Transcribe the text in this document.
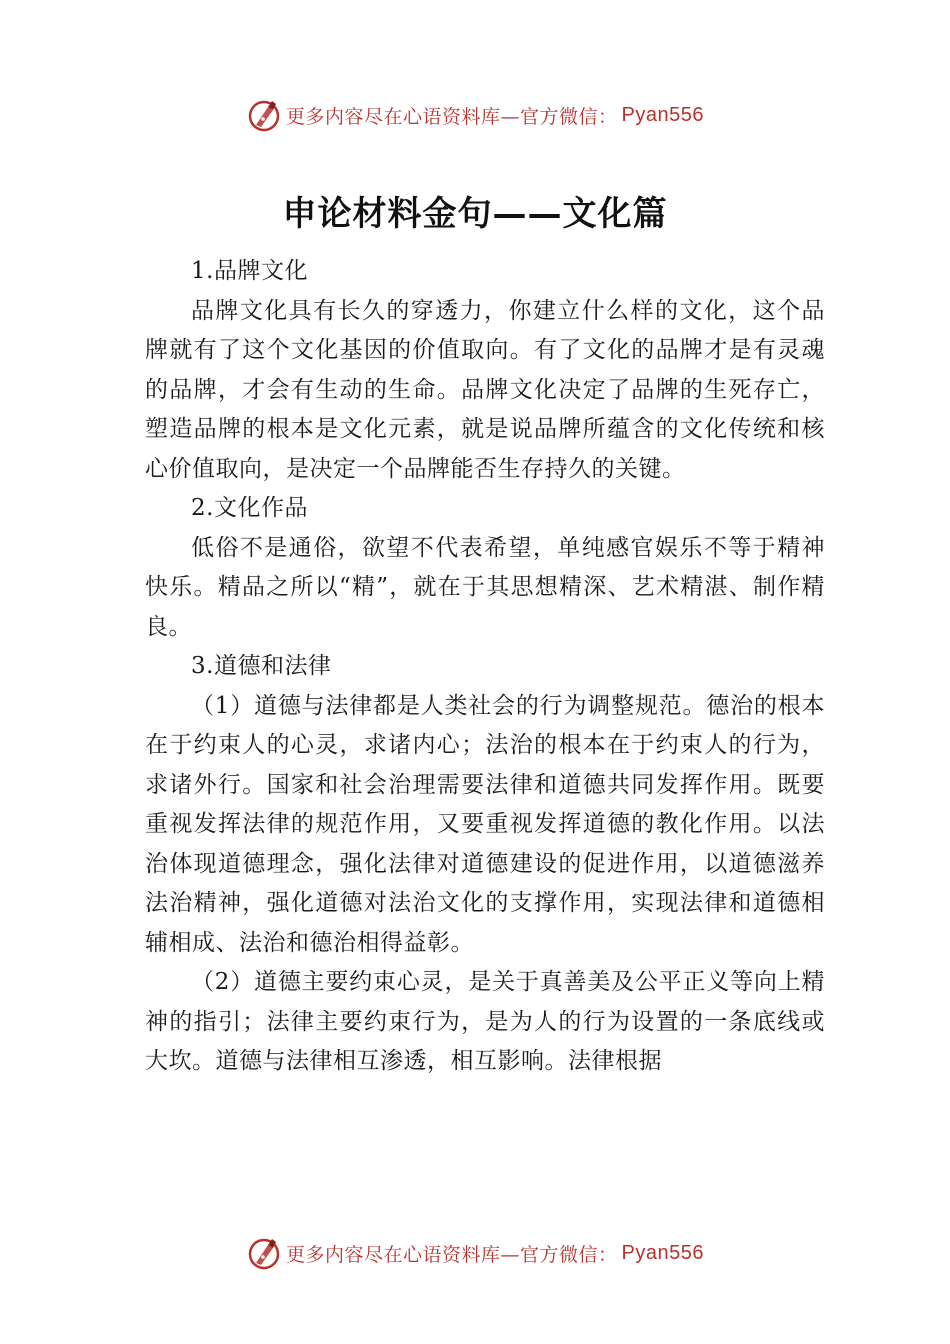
更多内容尽在心语资料库—官方微信： Pyan556
申论材料金句——文化篇

1.品牌文化

品牌文化具有长久的穿透力，你建立什么样的文化，这个品牌就有了这个文化基因的价值取向。有了文化的品牌才是有灵魂的品牌，才会有生动的生命。品牌文化决定了品牌的生死存亡，塑造品牌的根本是文化元素，就是说品牌所蕴含的文化传统和核心价值取向，是决定一个品牌能否生存持久的关键。

2.文化作品

低俗不是通俗，欲望不代表希望，单纯感官娱乐不等于精神快乐。精品之所以“精”，就在于其思想精深、艺术精湛、制作精良。

3.道德和法律

（1）道德与法律都是人类社会的行为调整规范。德治的根本在于约束人的心灵，求诸内心；法治的根本在于约束人的行为，求诸外行。国家和社会治理需要法律和道德共同发挥作用。既要重视发挥法律的规范作用，又要重视发挥道德的教化作用。以法治体现道德理念，强化法律对道德建设的促进作用，以道德滋养法治精神，强化道德对法治文化的支撑作用，实现法律和道德相辅相成、法治和德治相得益彰。

（2）道德主要约束心灵，是关于真善美及公平正义等向上精神的指引；法律主要约束行为，是为人的行为设置的一条底线或大坎。道德与法律相互渗透，相互影响。法律根据

更多内容尽在心语资料库—官方微信： Pyan556
